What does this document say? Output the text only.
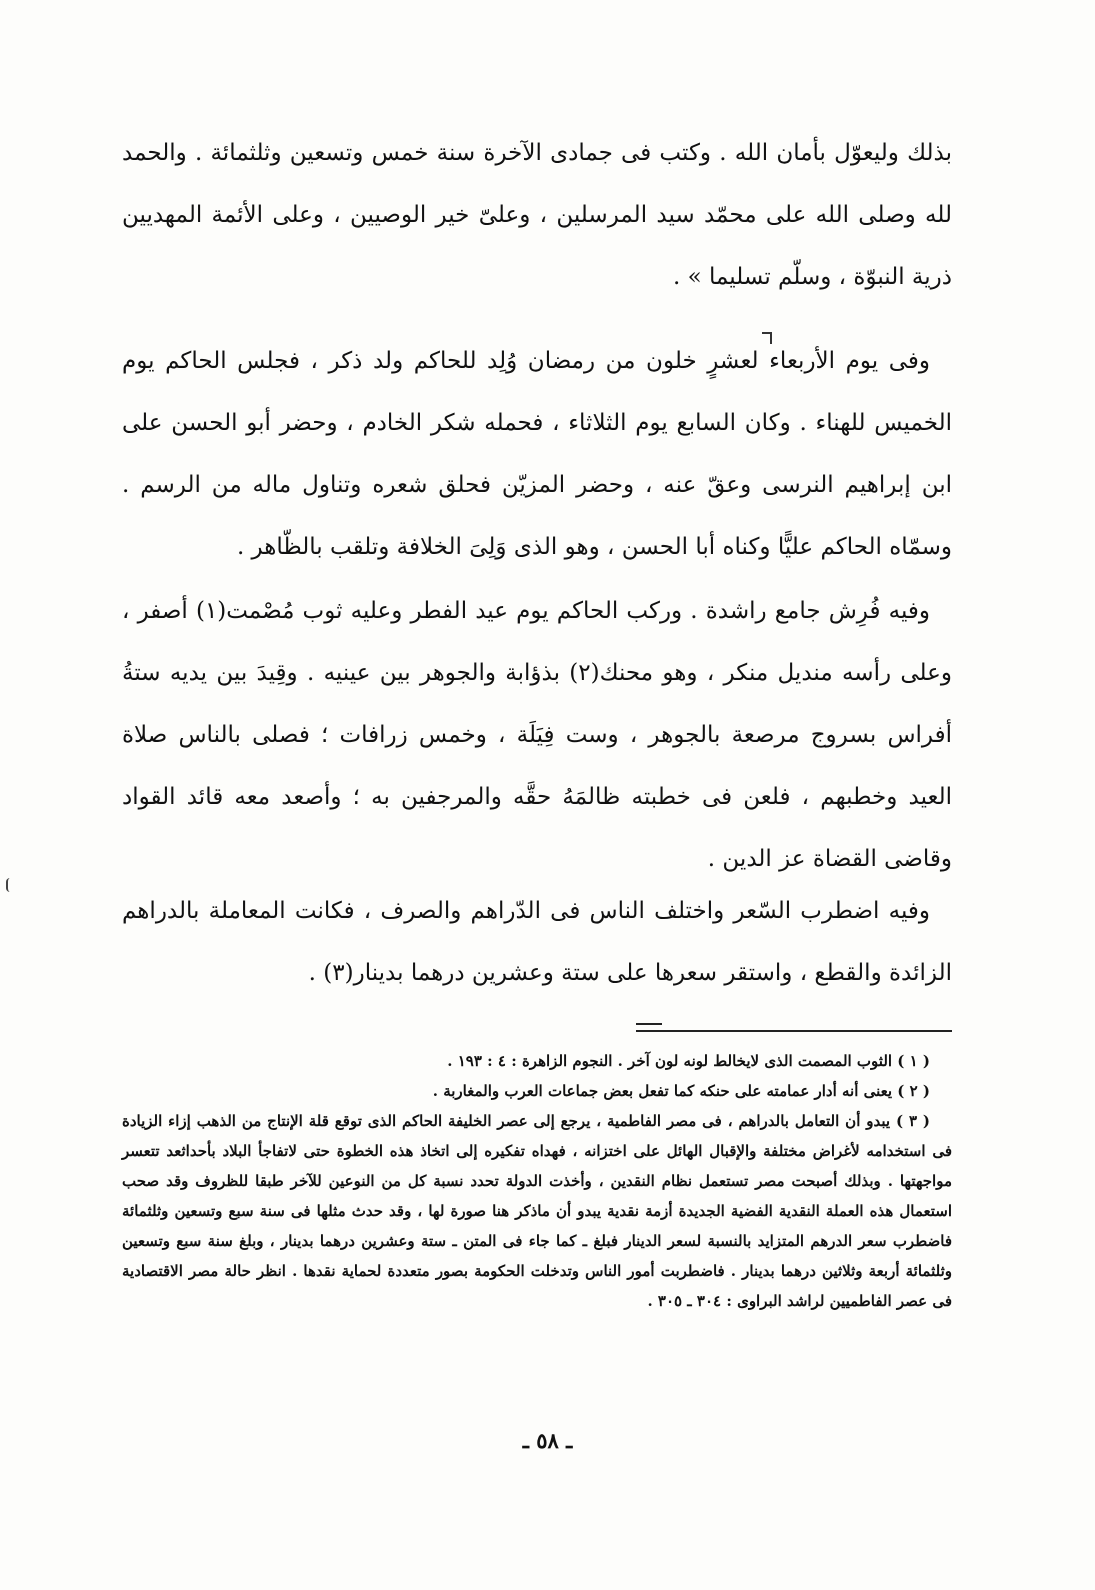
بذلك وليعوّل بأمان الله . وكتب فى جمادى الآخرة سنة خمس وتسعين وثلثمائة . والحمد لله وصلى الله على محمّد سيد المرسلين ، وعلىّ خير الوصيين ، وعلى الأئمة المهديين ذرية النبوّة ، وسلّم تسليما » .

وفى يوم الأربعاء لعشرٍ خلون من رمضان وُلِد للحاكم ولد ذكر ، فجلس الحاكم يوم الخميس للهناء . وكان السابع يوم الثلاثاء ، فحمله شكر الخادم ، وحضر أبو الحسن على ابن إبراهيم النرسى وعقّ عنه ، وحضر المزيّن فحلق شعره وتناول ماله من الرسم . وسمّاه الحاكم عليًّا وكناه أبا الحسن ، وهو الذى وَلِىَ الخلافة وتلقب بالظّاهر .

وفيه فُرِش جامع راشدة . وركب الحاكم يوم عيد الفطر وعليه ثوب مُصْمت(١) أصفر ، وعلى رأسه منديل منكر ، وهو محنك(٢) بذؤابة والجوهر بين عينيه . وقِيدَ بين يديه ستةُ أفراس بسروج مرصعة بالجوهر ، وست فِيَلَة ، وخمس زرافات ؛ فصلى بالناس صلاة العيد وخطبهم ، فلعن فى خطبته ظالمَهُ حقَّه والمرجفين به ؛ وأصعد معه قائد القواد وقاضى القضاة عز الدين .

وفيه اضطرب السّعر واختلف الناس فى الدّراهم والصرف ، فكانت المعاملة بالدراهم الزائدة والقطع ، واستقر سعرها على ستة وعشرين درهما بدينار(٣) .

( ١ ) الثوب المصمت الذى لايخالط لونه لون آخر . النجوم الزاهرة : ٤ : ١٩٣ .

( ٢ ) يعنى أنه أدار عمامته على حنكه كما تفعل بعض جماعات العرب والمغاربة .

( ٣ ) يبدو أن التعامل بالدراهم ، فى مصر الفاطمية ، يرجع إلى عصر الخليفة الحاكم الذى توقع قلة الإنتاج من الذهب إزاء الزيادة فى استخدامه لأغراض مختلفة والإقبال الهائل على اختزانه ، فهداه تفكيره إلى اتخاذ هذه الخطوة حتى لاتفاجأ البلاد بأحداثعد تتعسر مواجهتها . وبذلك أصبحت مصر تستعمل نظام النقدين ، وأخذت الدولة تحدد نسبة كل من النوعين للآخر طبقا للظروف وقد صحب استعمال هذه العملة النقدية الفضية الجديدة أزمة نقدية يبدو أن ماذكر هنا صورة لها ، وقد حدث مثلها فى سنة سبع وتسعين وثلثمائة فاضطرب سعر الدرهم المتزايد بالنسبة لسعر الدينار فبلغ ـ كما جاء فى المتن ـ ستة وعشرين درهما بدينار ، وبلغ سنة سبع وتسعين وثلثمائة أربعة وثلاثين درهما بدينار . فاضطربت أمور الناس وتدخلت الحكومة بصور متعددة لحماية نقدها . انظر حالة مصر الاقتصادية فى عصر الفاطميين لراشد البراوى : ٣٠٤ ـ ٣٠٥ .

ـ ٥٨ ـ
